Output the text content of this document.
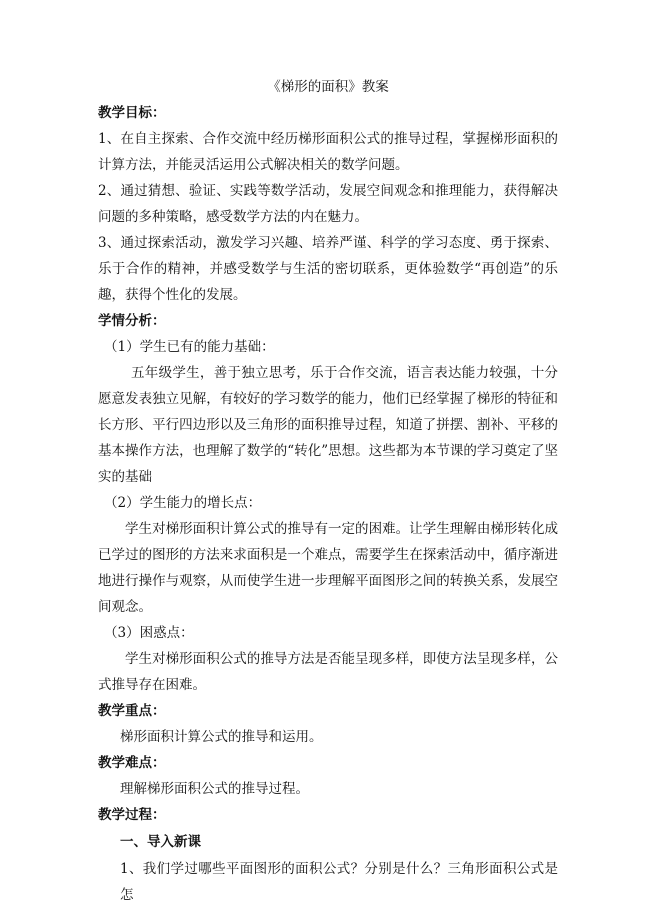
《梯形的面积》教案

教学目标：

1、在自主探索、合作交流中经历梯形面积公式的推导过程，掌握梯形面积的计算方法，并能灵活运用公式解决相关的数学问题。

2、通过猜想、验证、实践等数学活动，发展空间观念和推理能力，获得解决问题的多种策略，感受数学方法的内在魅力。

3、通过探索活动，激发学习兴趣、培养严谨、科学的学习态度、勇于探索、乐于合作的精神，并感受数学与生活的密切联系，更体验数学“再创造”的乐趣，获得个性化的发展。

学情分析：

（1）学生已有的能力基础：

五年级学生，善于独立思考，乐于合作交流，语言表达能力较强，十分愿意发表独立见解，有较好的学习数学的能力，他们已经掌握了梯形的特征和长方形、平行四边形以及三角形的面积推导过程，知道了拼摆、割补、平移的基本操作方法，也理解了数学的“转化”思想。这些都为本节课的学习奠定了坚实的基础

（2）学生能力的增长点：

学生对梯形面积计算公式的推导有一定的困难。让学生理解由梯形转化成已学过的图形的方法来求面积是一个难点，需要学生在探索活动中，循序渐进地进行操作与观察，从而使学生进一步理解平面图形之间的转换关系，发展空间观念。

（3）困惑点：

学生对梯形面积公式的推导方法是否能呈现多样，即使方法呈现多样，公式推导存在困难。

教学重点：

梯形面积计算公式的推导和运用。

教学难点：

理解梯形面积公式的推导过程。

教学过程：

一、导入新课

1、我们学过哪些平面图形的面积公式？分别是什么？三角形面积公式是怎
